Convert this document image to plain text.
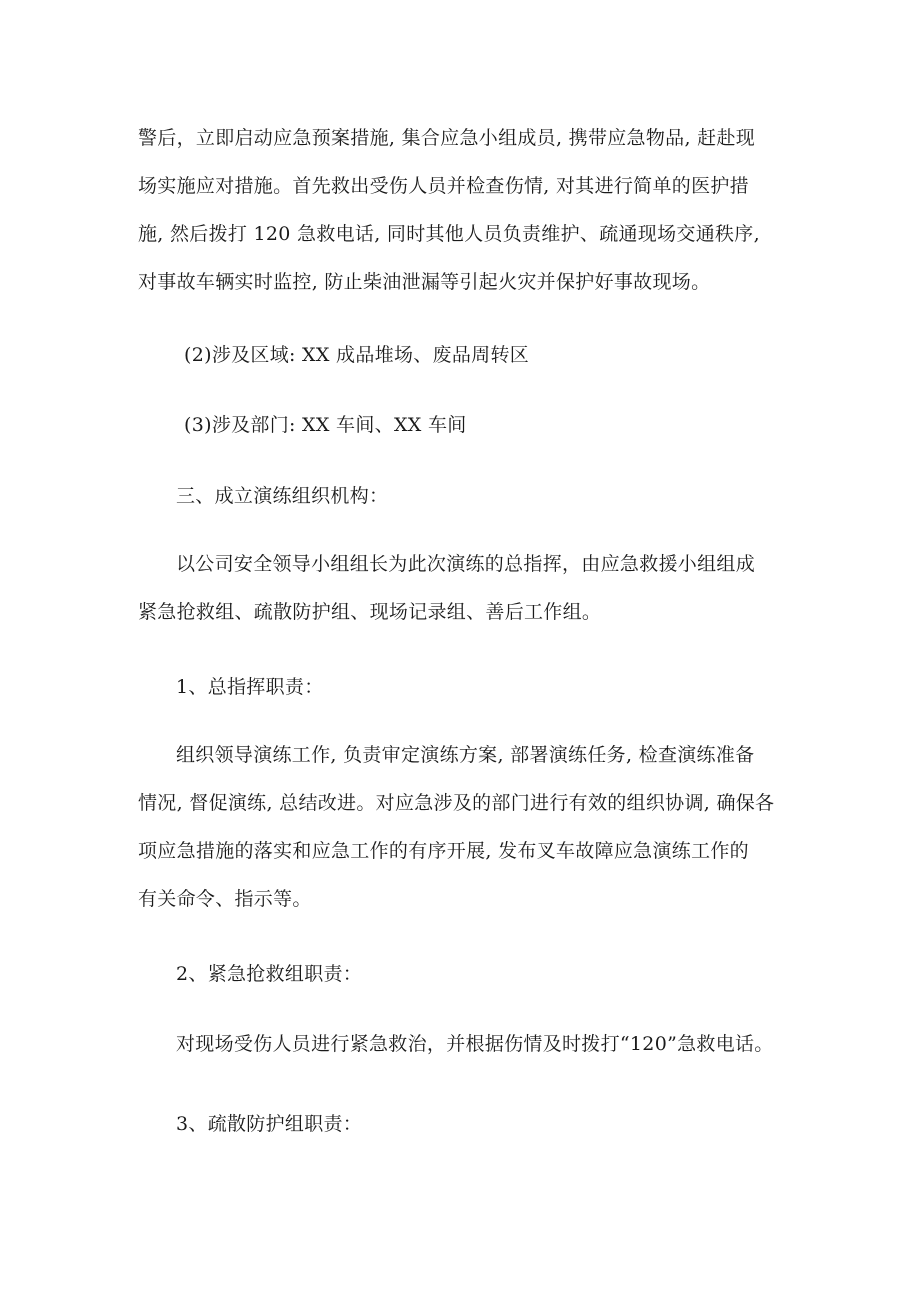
警后，立即启动应急预案措施, 集合应急小组成员, 携带应急物品, 赶赴现
场实施应对措施。首先救出受伤人员并检查伤情, 对其进行简单的医护措
施, 然后拨打 120 急救电话, 同时其他人员负责维护、疏通现场交通秩序,
对事故车辆实时监控, 防止柴油泄漏等引起火灾并保护好事故现场。
(2)涉及区域: XX 成品堆场、废品周转区
(3)涉及部门: XX 车间、XX 车间
三、成立演练组织机构：
以公司安全领导小组组长为此次演练的总指挥，由应急救援小组组成
紧急抢救组、疏散防护组、现场记录组、善后工作组。
1、总指挥职责：
组织领导演练工作, 负责审定演练方案, 部署演练任务, 检查演练准备
情况, 督促演练, 总结改进。对应急涉及的部门进行有效的组织协调, 确保各
项应急措施的落实和应急工作的有序开展, 发布叉车故障应急演练工作的
有关命令、指示等。
2、紧急抢救组职责：
对现场受伤人员进行紧急救治，并根据伤情及时拨打“120”急救电话。
3、疏散防护组职责：
